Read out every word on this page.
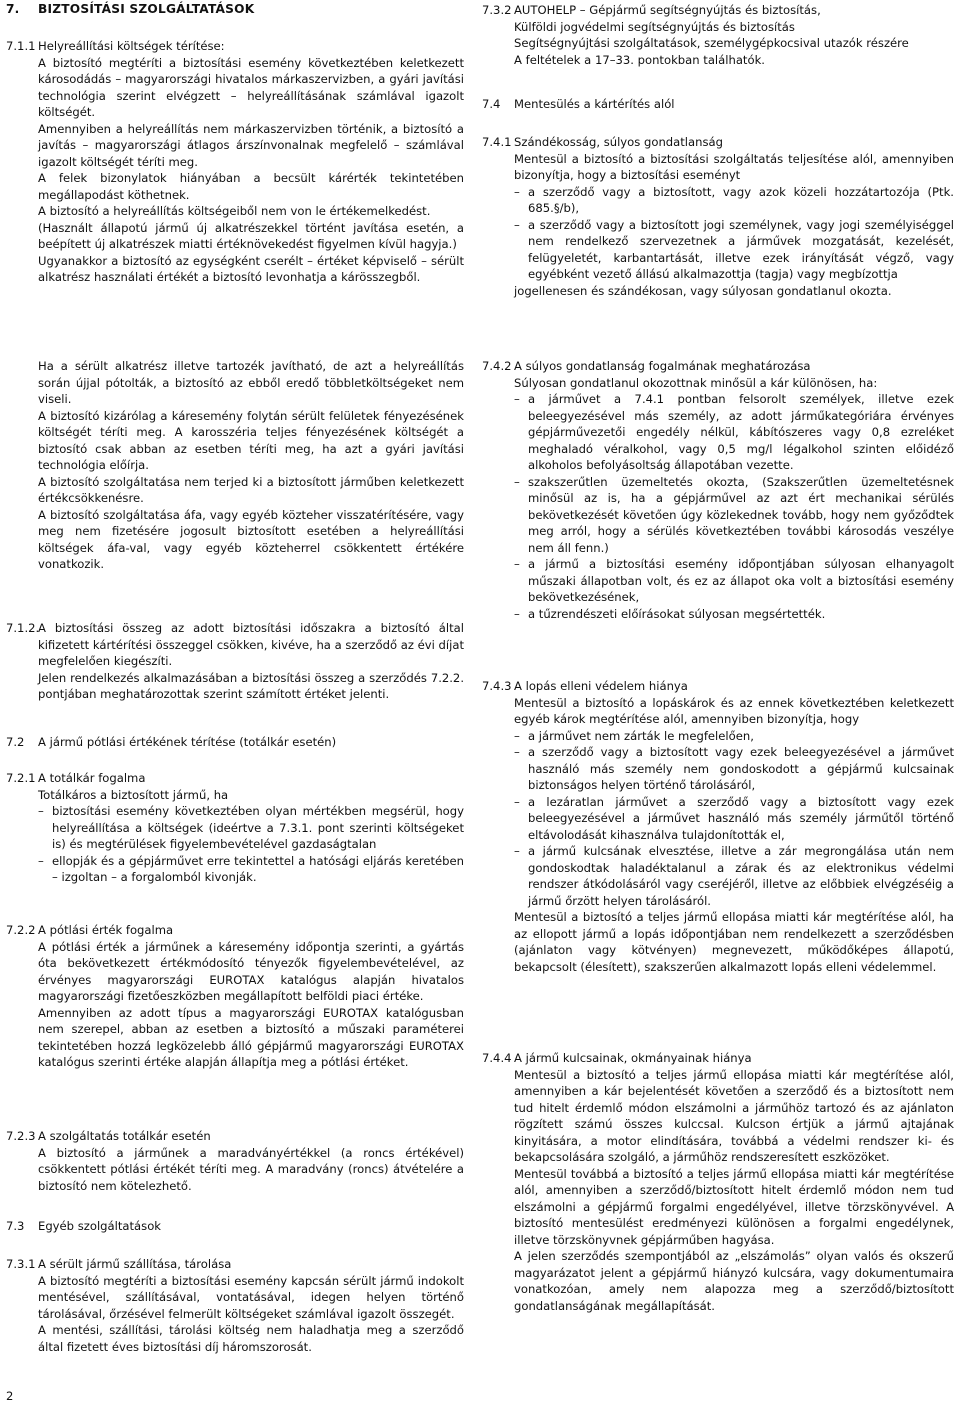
7. BIZTOSÍTÁSI SZOLGÁLTATÁSOK
7.1.1 Helyreállítási költségek térítése:

A biztosító megtéríti a biztosítási esemény következtében keletkezett károsodádás – magyarországi hivatalos márkaszervizben, a gyári javítási technológia szerint elvégzett – helyreállításának számlával igazolt költségét.

Amennyiben a helyreállítás nem márkaszervizben történik, a biztosító a javítás – magyarországi átlagos árszínvonalnak megfelelő – számlával igazolt költségét téríti meg.

A felek bizonylatok hiányában a becsült kárérték tekintetében megállapodást köthetnek.

A biztosító a helyreállítás költségeiből nem von le értékemelkedést.

(Használt állapotú jármű új alkatrészekkel történt javítása esetén, a beépített új alkatrészek miatti értéknövekedést figyelmen kívül hagyja.)

Ugyanakkor a biztosító az egységként cserélt – értéket képviselő – sérült alkatrész használati értékét a biztosító levonhatja a kárösszegből.

Ha a sérült alkatrész illetve tartozék javítható, de azt a helyreállítás során újjal pótolták, a biztosító az ebből eredő többletköltségeket nem viseli.

A biztosító kizárólag a káresemény folytán sérült felületek fényezésének költségét téríti meg. A karosszéria teljes fényezésének költségét a biztosító csak abban az esetben téríti meg, ha azt a gyári javítási technológia előírja.

A biztosító szolgáltatása nem terjed ki a biztosított járműben keletkezett értékcsökkenésre.

A biztosító szolgáltatása áfa, vagy egyéb közteher visszatérítésére, vagy meg nem fizetésére jogosult biztosított esetében a helyreállítási költségek áfa-val, vagy egyéb közteherrel csökkentett értékére vonatkozik.

7.1.2.

A biztosítási összeg az adott biztosítási időszakra a biztosító által kifizetett kártérítési összeggel csökken, kivéve, ha a szerződő az évi díjat megfelelően kiegészíti.

Jelen rendelkezés alkalmazásában a biztosítási összeg a szerződés 7.2.2. pontjában meghatározottak szerint számított értéket jelenti.

7.2 A jármű pótlási értékének térítése (totálkár esetén)

7.2.1 A totálkár fogalma

Totálkáros a biztosított jármű, ha

– biztosítási esemény következtében olyan mértékben megsérül, hogy helyreállítása a költségek (ideértve a 7.3.1. pont szerinti költségeket is) és megtérülések figyelembevételével gazdaságtalan
– ellopják és a gépjárművet erre tekintettel a hatósági eljárás keretében – izgoltan – a forgalomból kivonják.
7.2.2 A pótlási érték fogalma

A pótlási érték a járműnek a káresemény időpontja szerinti, a gyártás óta bekövetkezett értékmódosító tényezők figyelembevételével, az érvényes magyarországi EUROTAX katalógus alapján hivatalos magyarországi fizetőeszközben megállapított belföldi piaci értéke.

Amennyiben az adott típus a magyarországi EUROTAX katalógusban nem szerepel, abban az esetben a biztosító a műszaki paraméterei tekintetében hozzá legközelebb álló gépjármű magyarországi EUROTAX katalógus szerinti értéke alapján állapítja meg a pótlási értéket.

7.2.3 A szolgáltatás totálkár esetén

A biztosító a járműnek a maradványértékkel (a roncs értékével) csökkentett pótlási értékét téríti meg. A maradvány (roncs) átvételére a biztosító nem kötelezhető.

7.3 Egyéb szolgáltatások

7.3.1 A sérült jármű szállítása, tárolása

A biztosító megtéríti a biztosítási esemény kapcsán sérült jármű indokolt mentésével, szállításával, vontatásával, idegen helyen történő tárolásával, őrzésével felmerült költségeket számlával igazolt összegét.

A mentési, szállítási, tárolási költség nem haladhatja meg a szerződő által fizetett éves biztosítási díj háromszorosát.

7.3.2 AUTOHELP – Gépjármű segítségnyújtás és biztosítás,

Külföldi jogvédelmi segítségnyújtás és biztosítás

Segítségnyújtási szolgáltatások, személygépkocsival utazók részére

A feltételek a 17–33. pontokban találhatók.

7.4 Mentesülés a kártérítés alól

7.4.1 Szándékosság, súlyos gondatlanság

Mentesül a biztosító a biztosítási szolgáltatás teljesítése alól, amennyiben bizonyítja, hogy a biztosítási eseményt

– a szerződő vagy a biztosított, vagy azok közeli hozzátartozója (Ptk. 685.§/b),
– a szerződő vagy a biztosított jogi személynek, vagy jogi személyiséggel nem rendelkező szervezetnek a járművek mozgatását, kezelését, felügyeletét, karbantartását, illetve ezek irányítását végző, vagy egyébként vezető állású alkalmazottja (tagja) vagy megbízottja

jogellenesen és szándékosan, vagy súlyosan gondatlanul okozta.

7.4.2 A súlyos gondatlanság fogalmának meghatározása

Súlyosan gondatlanul okozottnak minősül a kár különösen, ha:

– a járművet a 7.4.1 pontban felsorolt személyek, illetve ezek beleegyezésével más személy, az adott járműkategóriára érvényes gépjárművezetői engedély nélkül, kábítószeres vagy 0,8 ezreléket meghaladó véralkohol, vagy 0,5 mg/l légalkohol szinten előidéző alkoholos befolyásoltság állapotában vezette.
– szakszerűtlen üzemeltetés okozta, (Szakszerűtlen üzemeltetésnek minősül az is, ha a gépjárművel az azt ért mechanikai sérülés bekövetkezését követően úgy közlekednek tovább, hogy nem győződtek meg arról, hogy a sérülés következtében további károsodás veszélye nem áll fenn.)
– a jármű a biztosítási esemény időpontjában súlyosan elhanyagolt műszaki állapotban volt, és ez az állapot oka volt a biztosítási esemény bekövetkezésének,
– a tűzrendészeti előírásokat súlyosan megsértették.
7.4.3 A lopás elleni védelem hiánya

Mentesül a biztosító a lopáskárok és az ennek következtében keletkezett egyéb károk megtérítése alól, amennyiben bizonyítja, hogy

– a járművet nem zárták le megfelelően,
– a szerződő vagy a biztosított vagy ezek beleegyezésével a járművet használó más személy nem gondoskodott a gépjármű kulcsainak biztonságos helyen történő tárolásáról,
– a lezáratlan járművet a szerződő vagy a biztosított vagy ezek beleegyezésével a járművet használó más személy járműtől történő eltávolodását kihasználva tulajdonították el,
– a jármű kulcsának elvesztése, illetve a zár megrongálása után nem gondoskodtak haladéktalanul a zárak és az elektronikus védelmi rendszer átkódolásáról vagy cseréjéről, illetve az előbbiek elvégzéséig a jármű őrzött helyen tárolásáról.

Mentesül a biztosító a teljes jármű ellopása miatti kár megtérítése alól, ha az ellopott jármű a lopás időpontjában nem rendelkezett a szerződésben (ajánlaton vagy kötvényen) megnevezett, működőképes állapotú, bekapcsolt (élesített), szakszerűen alkalmazott lopás elleni védelemmel.

7.4.4 A jármű kulcsainak, okmányainak hiánya

Mentesül a biztosító a teljes jármű ellopása miatti kár megtérítése alól, amennyiben a kár bejelentését követően a szerződő és a biztosított nem tud hitelt érdemlő módon elszámolni a járműhöz tartozó és az ajánlaton rögzített számú összes kulccsal. Kulcson értjük a jármű ajtajának kinyitására, a motor elindítására, továbbá a védelmi rendszer ki- és bekapcsolására szolgáló, a járműhöz rendszeresített eszközöket.

Mentesül továbbá a biztosító a teljes jármű ellopása miatti kár megtérítése alól, amennyiben a szerződő/biztosított hitelt érdemlő módon nem tud elszámolni a gépjármű forgalmi engedélyével, illetve törzskönyvével. A biztosító mentesülést eredményezi különösen a forgalmi engedélynek, illetve törzskönyvnek gépjárműben hagyása.

A jelen szerződés szempontjából az „elszámolás” olyan valós és okszerű magyarázatot jelent a gépjármű hiányzó kulcsára, vagy dokumentumaira vonatkozóan, amely nem alapozza meg a szerződő/biztosított gondatlanságának megállapítását.

2
